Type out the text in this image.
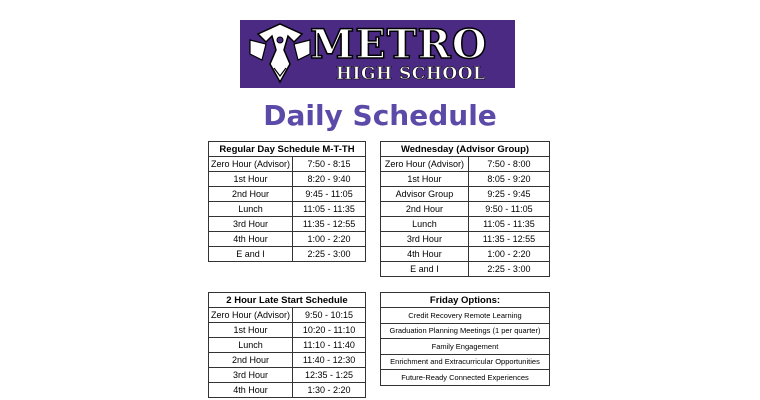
METRO
HIGH SCHOOL
Daily Schedule
Regular Day Schedule M-T-TH	
Zero Hour (Advisor)	7:50 - 8:15
1st Hour	8:20 - 9:40
2nd Hour	9:45 - 11:05
Lunch	11:05 - 11:35
3rd Hour	11:35 - 12:55
4th Hour	1:00 - 2:20
E and I	2:25 - 3:00
Wednesday (Advisor Group)	
Zero Hour (Advisor)	7:50 - 8:00
1st Hour	8:05 - 9:20
Advisor Group	9:25 - 9:45
2nd Hour	9:50 - 11:05
Lunch	11:05 - 11:35
3rd Hour	11:35 - 12:55
4th Hour	1:00 - 2:20
E and I	2:25 - 3:00
2 Hour Late Start Schedule	
Zero Hour (Advisor)	9:50 - 10:15
1st Hour	10:20 - 11:10
Lunch	11:10 - 11:40
2nd Hour	11:40 - 12:30
3rd Hour	12:35 - 1:25
4th Hour	1:30 - 2:20
Friday Options:
Credit Recovery Remote Learning
Graduation Planning Meetings (1 per quarter)
Family Engagement
Enrichment and Extracurricular Opportunities
Future-Ready Connected Experiences
